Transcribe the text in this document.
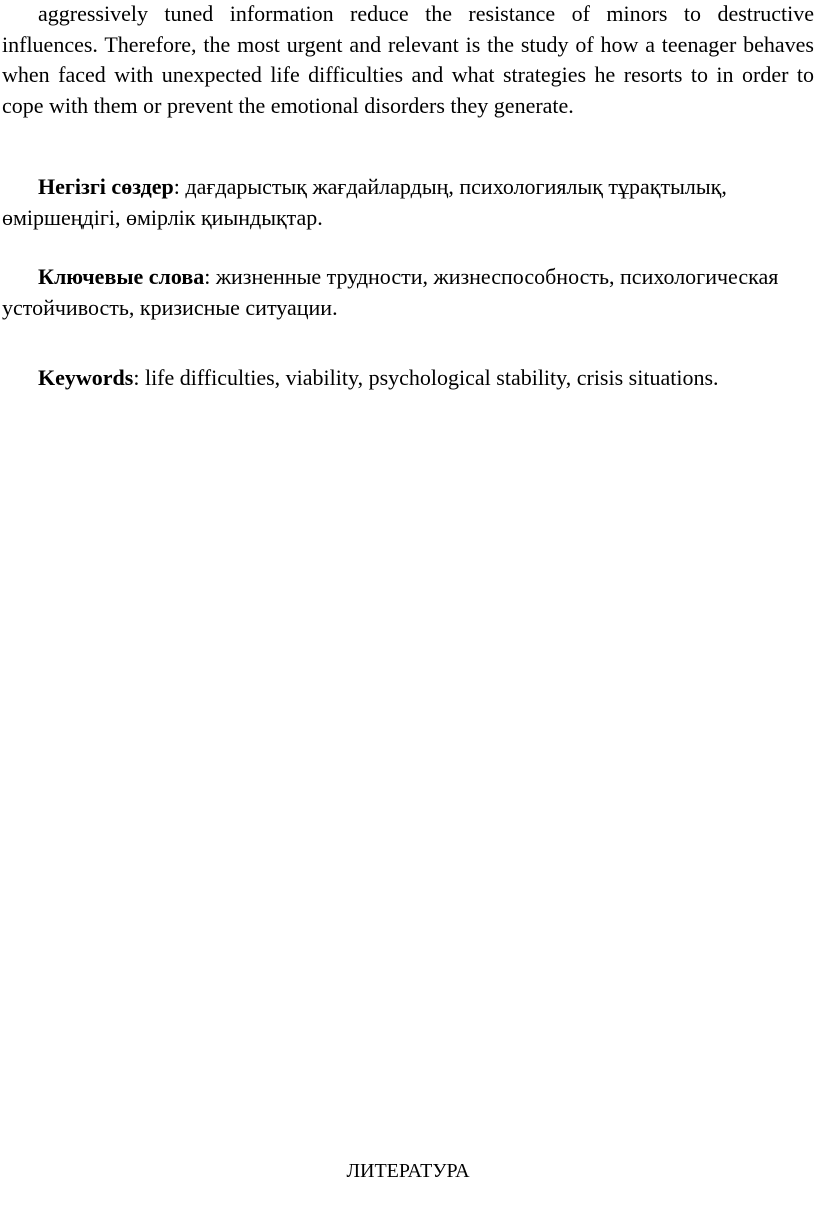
aggressively tuned information reduce the resistance of minors to destructive influences. Therefore, the most urgent and relevant is the study of how a teenager behaves when faced with unexpected life difficulties and what strategies he resorts to in order to cope with them or prevent the emotional disorders they generate.

Негізгі сөздер: дағдарыстық жағдайлардың, психологиялық тұрақтылық, өміршеңдігі, өмірлік қиындықтар.

Ключевые слова: жизненные трудности, жизнеспособность, психологическая устойчивость, кризисные ситуации.

Keywords: life difficulties, viability, psychological stability, crisis situations.

ЛИТЕРАТУРА
